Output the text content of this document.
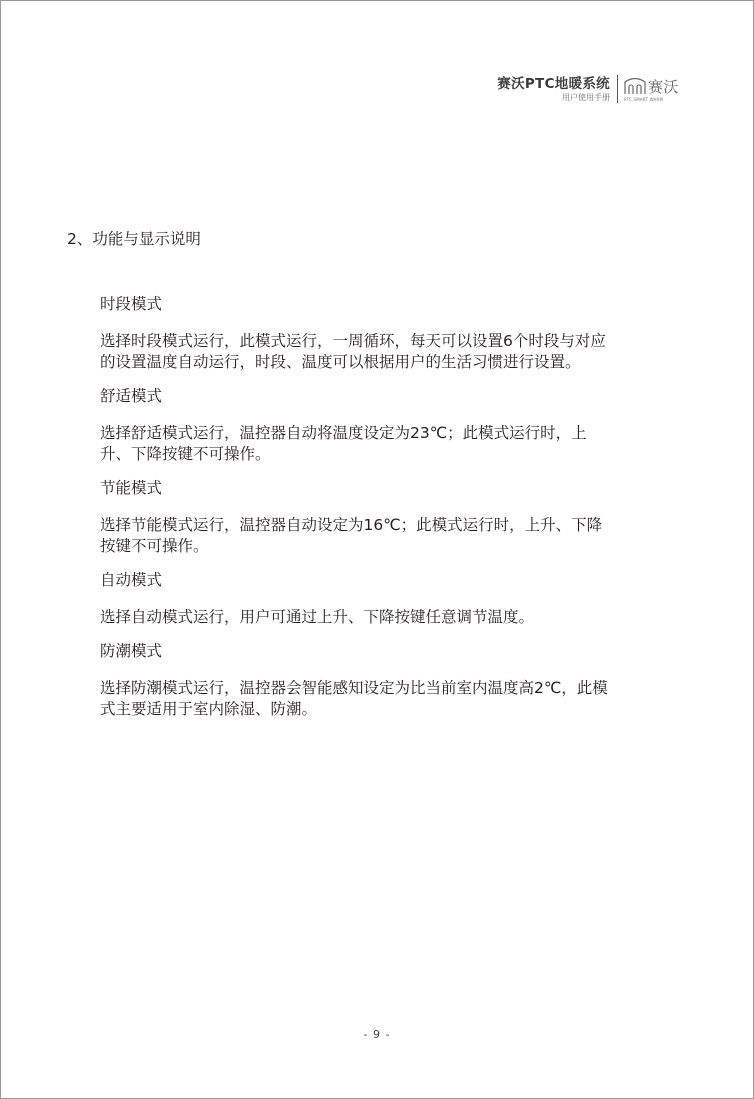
赛沃PTC地暖系统
用户使用手册
赛沃
PTC SMART WARM
2、功能与显示说明

时段模式

选择时段模式运行，此模式运行，一周循环，每天可以设置6个时段与对应
的设置温度自动运行，时段、温度可以根据用户的生活习惯进行设置。

舒适模式

选择舒适模式运行，温控器自动将温度设定为23℃；此模式运行时，上
升、下降按键不可操作。

节能模式

选择节能模式运行，温控器自动设定为16℃；此模式运行时，上升、下降
按键不可操作。

自动模式

选择自动模式运行，用户可通过上升、下降按键任意调节温度。

防潮模式

选择防潮模式运行，温控器会智能感知设定为比当前室内温度高2℃，此模
式主要适用于室内除湿、防潮。
- 9 -
